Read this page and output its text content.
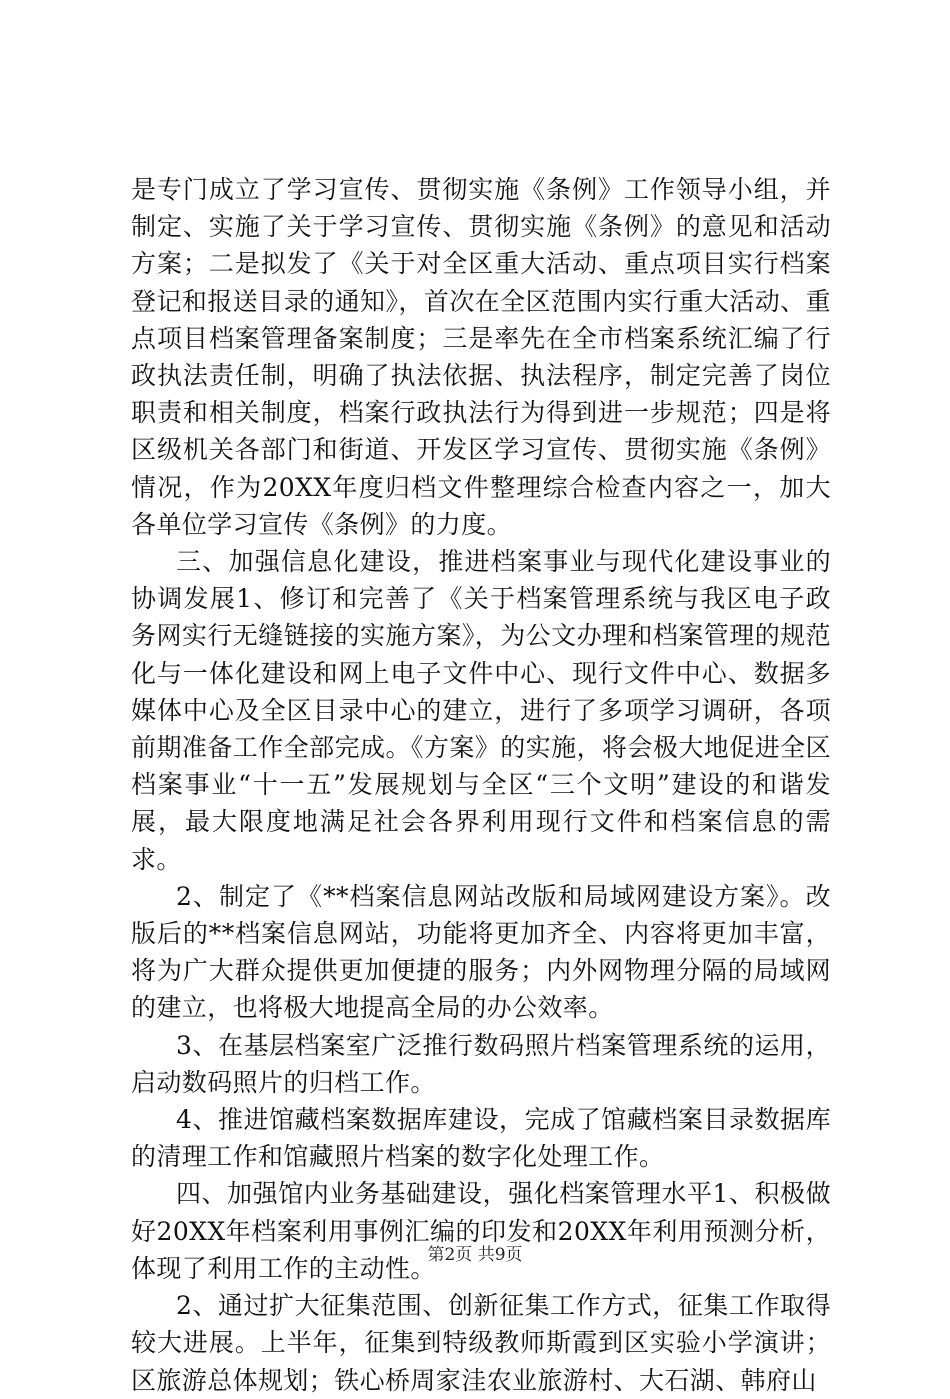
是专门成立了学习宣传、贯彻实施《条例》工作领导小组，并制定、实施了关于学习宣传、贯彻实施《条例》的意见和活动方案；二是拟发了《关于对全区重大活动、重点项目实行档案登记和报送目录的通知》，首次在全区范围内实行重大活动、重点项目档案管理备案制度；三是率先在全市档案系统汇编了行政执法责任制，明确了执法依据、执法程序，制定完善了岗位职责和相关制度，档案行政执法行为得到进一步规范；四是将区级机关各部门和街道、开发区学习宣传、贯彻实施《条例》情况，作为20XX年度归档文件整理综合检查内容之一，加大各单位学习宣传《条例》的力度。

三、加强信息化建设，推进档案事业与现代化建设事业的协调发展1、修订和完善了《关于档案管理系统与我区电子政务网实行无缝链接的实施方案》，为公文办理和档案管理的规范化与一体化建设和网上电子文件中心、现行文件中心、数据多媒体中心及全区目录中心的建立，进行了多项学习调研，各项前期准备工作全部完成。《方案》的实施，将会极大地促进全区档案事业“十一五”发展规划与全区“三个文明”建设的和谐发展，最大限度地满足社会各界利用现行文件和档案信息的需求。

2、制定了《**档案信息网站改版和局域网建设方案》。改版后的**档案信息网站，功能将更加齐全、内容将更加丰富，将为广大群众提供更加便捷的服务；内外网物理分隔的局域网的建立，也将极大地提高全局的办公效率。

3、在基层档案室广泛推行数码照片档案管理系统的运用，启动数码照片的归档工作。

4、推进馆藏档案数据库建设，完成了馆藏档案目录数据库的清理工作和馆藏照片档案的数字化处理工作。

四、加强馆内业务基础建设，强化档案管理水平1、积极做好20XX年档案利用事例汇编的印发和20XX年利用预测分析，体现了利用工作的主动性。

2、通过扩大征集范围、创新征集工作方式，征集工作取得较大进展。上半年，征集到特级教师斯霞到区实验小学演讲；区旅游总体规划；铁心桥周家洼农业旅游村、大石湖、韩府山

第2页 共9页
